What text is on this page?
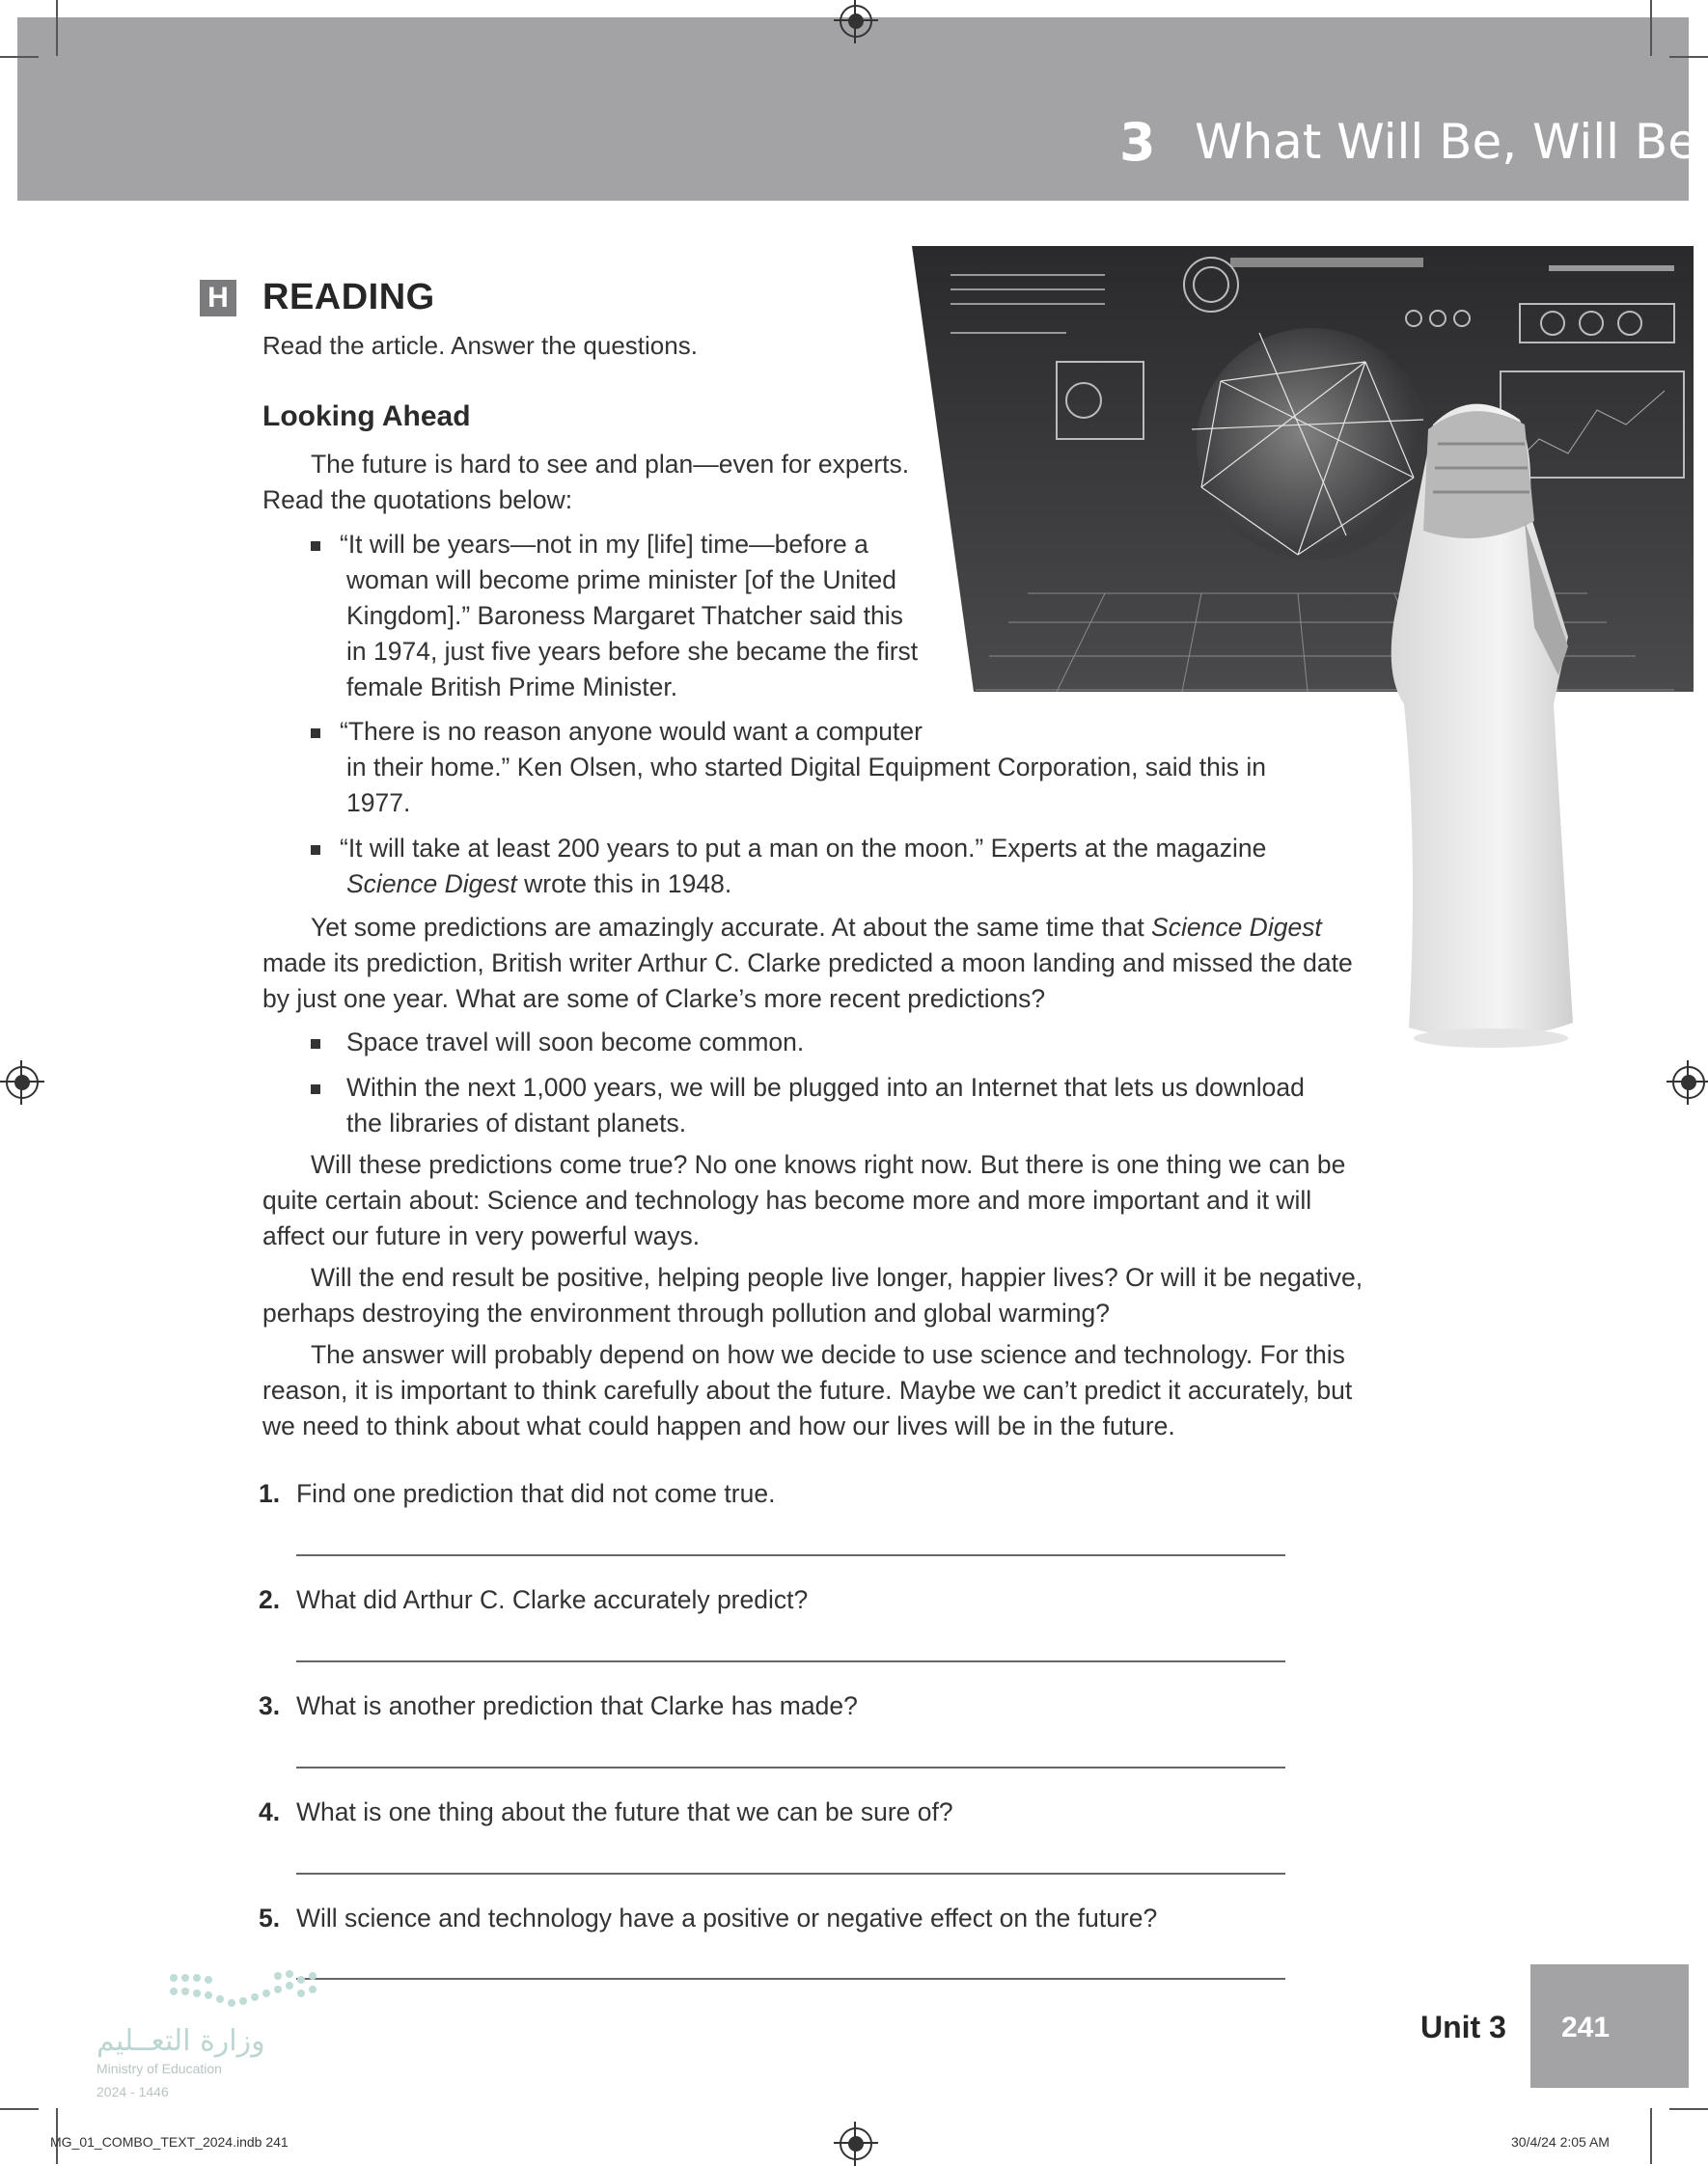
3 What Will Be, Will Be
H READING
Read the article. Answer the questions.
Looking Ahead
The future is hard to see and plan—even for experts.
Read the quotations below:
“It will be years—not in my [life] time—before a
woman will become prime minister [of the United
Kingdom].” Baroness Margaret Thatcher said this
in 1974, just five years before she became the first
female British Prime Minister.
“There is no reason anyone would want a computer
in their home.” Ken Olsen, who started Digital Equipment Corporation, said this in
1977.
“It will take at least 200 years to put a man on the moon.” Experts at the magazine
Science Digest wrote this in 1948.
Yet some predictions are amazingly accurate. At about the same time that Science Digest
made its prediction, British writer Arthur C. Clarke predicted a moon landing and missed the date
by just one year. What are some of Clarke’s more recent predictions?
Space travel will soon become common.
Within the next 1,000 years, we will be plugged into an Internet that lets us download
the libraries of distant planets.
Will these predictions come true? No one knows right now. But there is one thing we can be
quite certain about: Science and technology has become more and more important and it will
affect our future in very powerful ways.
Will the end result be positive, helping people live longer, happier lives? Or will it be negative,
perhaps destroying the environment through pollution and global warming?
The answer will probably depend on how we decide to use science and technology. For this
reason, it is important to think carefully about the future. Maybe we can’t predict it accurately, but
we need to think about what could happen and how our lives will be in the future.
1. Find one prediction that did not come true.
2. What did Arthur C. Clarke accurately predict?
3. What is another prediction that Clarke has made?
4. What is one thing about the future that we can be sure of?
5. Will science and technology have a positive or negative effect on the future?
وزارة التعــليم
Ministry of Education
2024 - 1446
241
Unit 3
MG_01_COMBO_TEXT_2024.indb 241	30/4/24 2:05 AM
